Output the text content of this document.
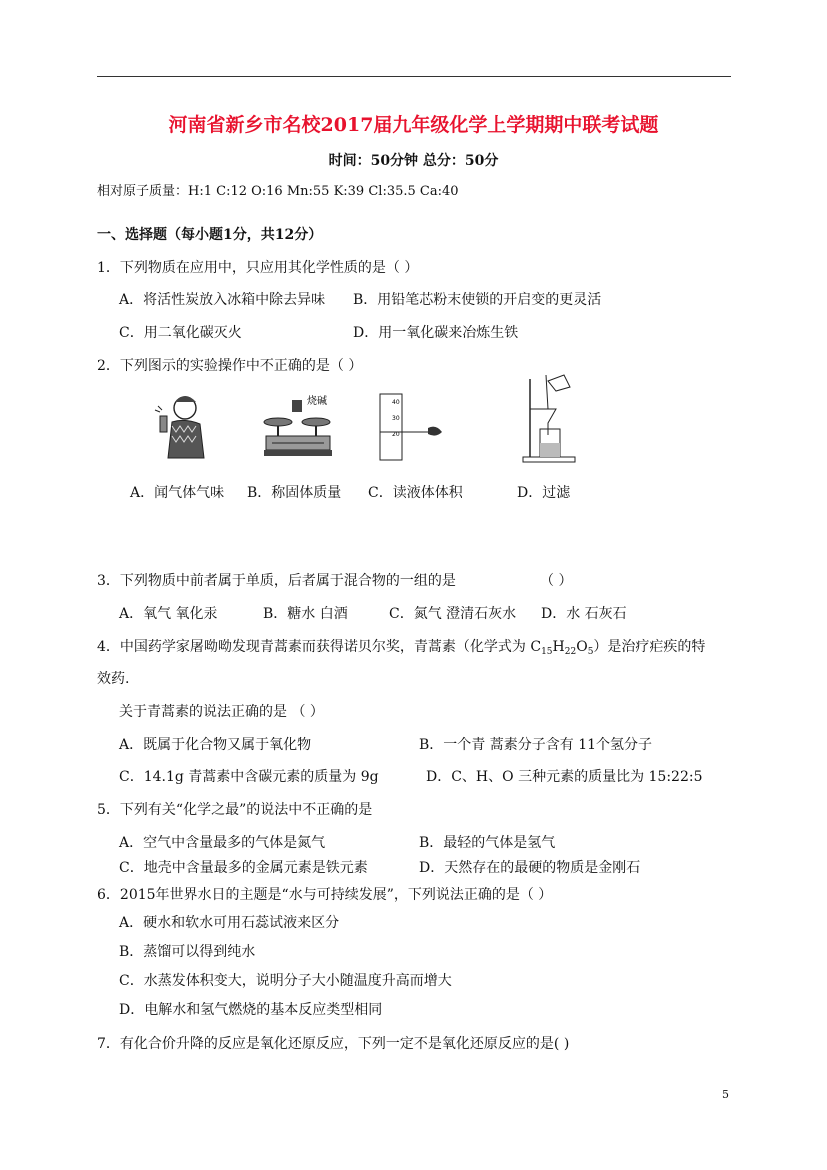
河南省新乡市名校2017届九年级化学上学期期中联考试题
时间：50分钟 总分：50分
相对原子质量：H:1 C:12 O:16 Mn:55 K:39 Cl:35.5 Ca:40
一、选择题（每小题1分，共12分）
1．下列物质在应用中，只应用其化学性质的是（ ）
A．将活性炭放入冰箱中除去异味 B．用铅笔芯粉末使锁的开启变的更灵活
C．用二氧化碳灭火	D．用一氧化碳来冶炼生铁
2．下列图示的实验操作中不正确的是（ ）
烧碱	40
30
20
A．闻气体气味 B．称固体质量 C．读液体体积	D．过滤
3．下列物质中前者属于单质，后者属于混合物的一组的是	（ ）
A．氧气 氧化汞	B．糖水 白酒	C．氮气 澄清石灰水 D．水 石灰石
4．中国药学家屠呦呦发现青蒿素而获得诺贝尔奖，青蒿素（化学式为 $C_{15}H_{22}O_5$）是治疗疟疾的特
效药.
关于青蒿素的说法正确的是 （ ）
A．既属于化合物又属于氧化物	B．一个青 蒿素分子含有 11个氢分子
C．14.1g 青蒿素中含碳元素的质量为 9g	D．C、H、O 三种元素的质量比为 15:22:5
5．下列有关“化学之最”的说法中不正确的是
A．空气中含量最多的气体是氮气	B．最轻的气体是氢气
C．地壳中含量最多的金属元素是铁元素	D．天然存在的最硬的物质是金刚石
6．2015年世界水日的主题是“水与可持续发展”，下列说法正确的是（ ）
A．硬水和软水可用石蕊试液来区分
B．蒸馏可以得到纯水
C．水蒸发体积变大，说明分子大小随温度升高而增大
D．电解水和氢气燃烧的基本反应类型相同
7．有化合价升降的反应是氧化还原反应，下列一定不是氧化还原反应的是( )
5
